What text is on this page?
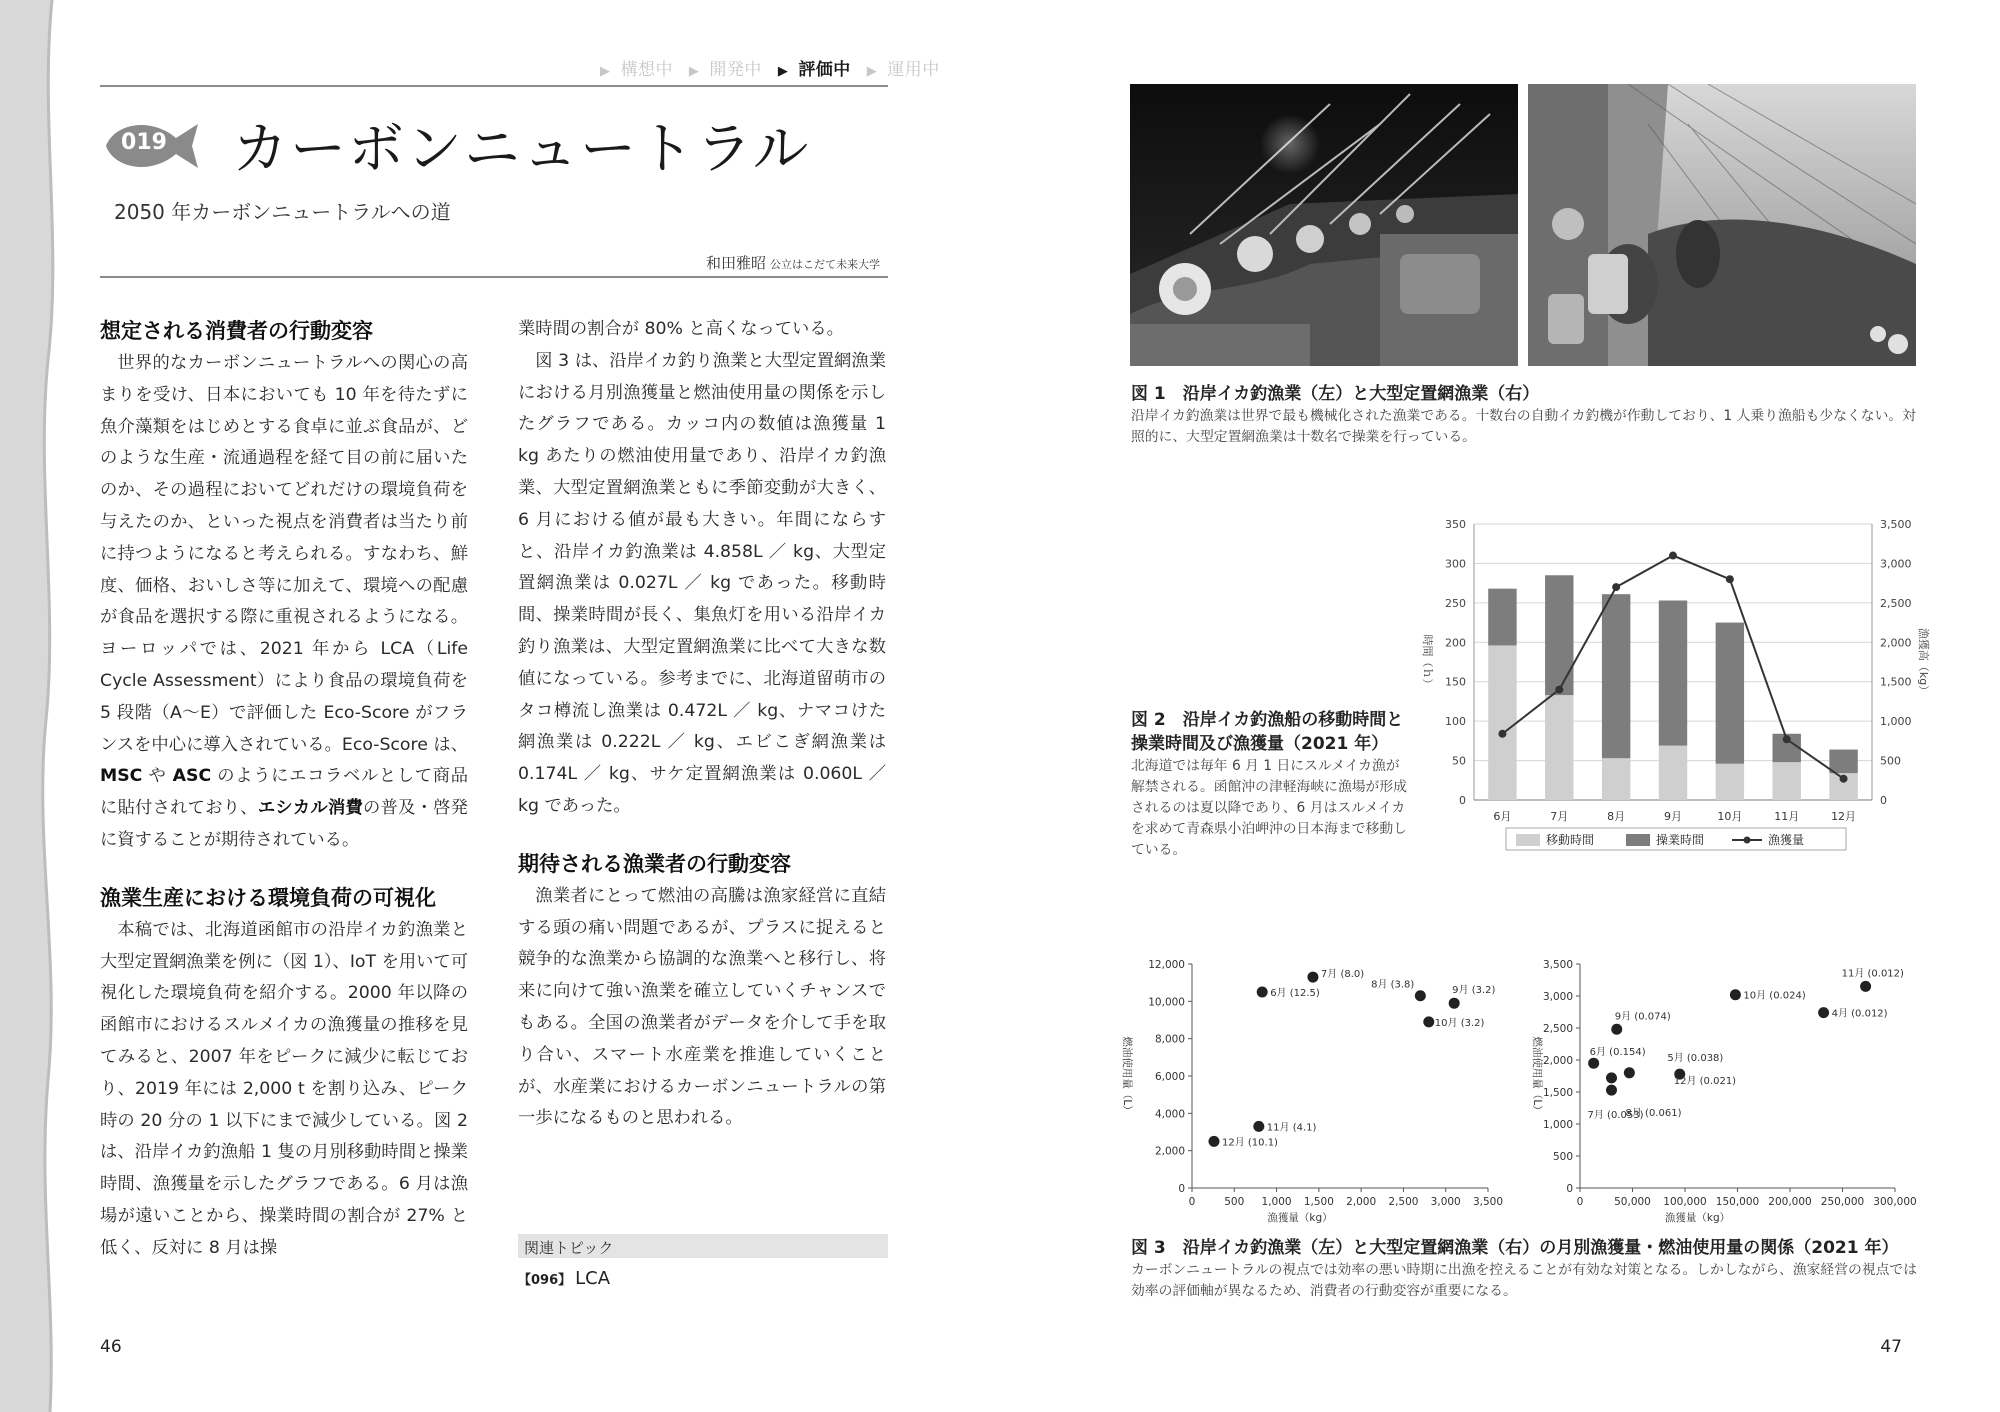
▶ 構想中 ▶ 開発中 ▶ 評価中 ▶ 運用中
019	カーボンニュートラル
2050 年カーボンニュートラルへの道
和田雅昭 公立はこだて未来大学
想定される消費者の行動変容

世界的なカーボンニュートラルへの関心の高まりを受け、日本においても 10 年を待たずに魚介藻類をはじめとする食卓に並ぶ食品が、どのような生産・流通過程を経て目の前に届いたのか、その過程においてどれだけの環境負荷を与えたのか、といった視点を消費者は当たり前に持つようになると考えられる。すなわち、鮮度、価格、おいしさ等に加えて、環境への配慮が食品を選択する際に重視されるようになる。ヨーロッパでは、2021 年から LCA（Life Cycle Assessment）により食品の環境負荷を 5 段階（A～E）で評価した Eco-Score がフランスを中心に導入されている。Eco-Score は、MSC や ASC のようにエコラベルとして商品に貼付されており、エシカル消費の普及・啓発に資することが期待されている。

漁業生産における環境負荷の可視化

本稿では、北海道函館市の沿岸イカ釣漁業と大型定置網漁業を例に（図 1）、IoT を用いて可視化した環境負荷を紹介する。2000 年以降の函館市におけるスルメイカの漁獲量の推移を見てみると、2007 年をピークに減少に転じており、2019 年には 2,000 t を割り込み、ピーク時の 20 分の 1 以下にまで減少している。図 2 は、沿岸イカ釣漁船 1 隻の月別移動時間と操業時間、漁獲量を示したグラフである。6 月は漁場が遠いことから、操業時間の割合が 27% と低く、反対に 8 月は操

業時間の割合が 80% と高くなっている。

図 3 は、沿岸イカ釣り漁業と大型定置網漁業における月別漁獲量と燃油使用量の関係を示したグラフである。カッコ内の数値は漁獲量 1 kg あたりの燃油使用量であり、沿岸イカ釣漁業、大型定置網漁業ともに季節変動が大きく、6 月における値が最も大きい。年間にならすと、沿岸イカ釣漁業は 4.858L ／ kg、大型定置網漁業は 0.027L ／ kg であった。移動時間、操業時間が長く、集魚灯を用いる沿岸イカ釣り漁業は、大型定置網漁業に比べて大きな数値になっている。参考までに、北海道留萌市のタコ樽流し漁業は 0.472L ／ kg、ナマコけた網漁業は 0.222L ／ kg、エビこぎ網漁業は 0.174L ／ kg、サケ定置網漁業は 0.060L ／ kg であった。

期待される漁業者の行動変容

漁業者にとって燃油の高騰は漁家経営に直結する頭の痛い問題であるが、プラスに捉えると競争的な漁業から協調的な漁業へと移行し、将来に向けて強い漁業を確立していくチャンスでもある。全国の漁業者がデータを介して手を取り合い、スマート水産業を推進していくことが、水産業におけるカーボンニュートラルの第一歩になるものと思われる。

関連トピック
【096】 LCA
46
図 1　沿岸イカ釣漁業（左）と大型定置網漁業（右）
沿岸イカ釣漁業は世界で最も機械化された漁業である。十数台の自動イカ釣機が作動しており、1 人乗り漁船も少なくない。対照的に、大型定置網漁業は十数名で操業を行っている。
図 2　沿岸イカ釣漁船の移動時間と操業時間及び漁獲量（2021 年）
北海道では毎年 6 月 1 日にスルメイカ漁が解禁される。函館沖の津軽海峡に漁場が形成されるのは夏以降であり、6 月はスルメイカを求めて青森県小泊岬沖の日本海まで移動している。
0
50
100
150
200
250
300
350
0
500
1,000
1,500
2,000
2,500
3,000
3,500
時間（ｈ）	漁獲高（kg）
6月	7月	8月	9月	10月	11月	12月
移動時間	操業時間	漁獲量
0
2,000
4,000
6,000
8,000
10,000
12,000
0	500 1,000 1,500 2,000 2,500 3,000 3,500
漁獲量（kg）
燃油使用量（L）
6月 (12.5)
7月 (8.0)
8月 (3.8)	9月 (3.2)
10月 (3.2)
11月 (4.1)
12月 (10.1)
0
500
1,000
1,500
2,000
2,500
3,000
3,500
0	50,000 100,000 150,000 200,000 250,000 300,000
漁獲量（kg）
燃油使用量（L）	6月 (0.154)
7月 (0.053)
5月 (0.038)
12月 (0.021)
8月 (0.061)
9月 (0.074)
10月 (0.024)
4月 (0.012)
11月 (0.012)
図 3　沿岸イカ釣漁業（左）と大型定置網漁業（右）の月別漁獲量・燃油使用量の関係（2021 年）
カーボンニュートラルの視点では効率の悪い時期に出漁を控えることが有効な対策となる。しかしながら、漁家経営の視点では効率の評価軸が異なるため、消費者の行動変容が重要になる。
47
